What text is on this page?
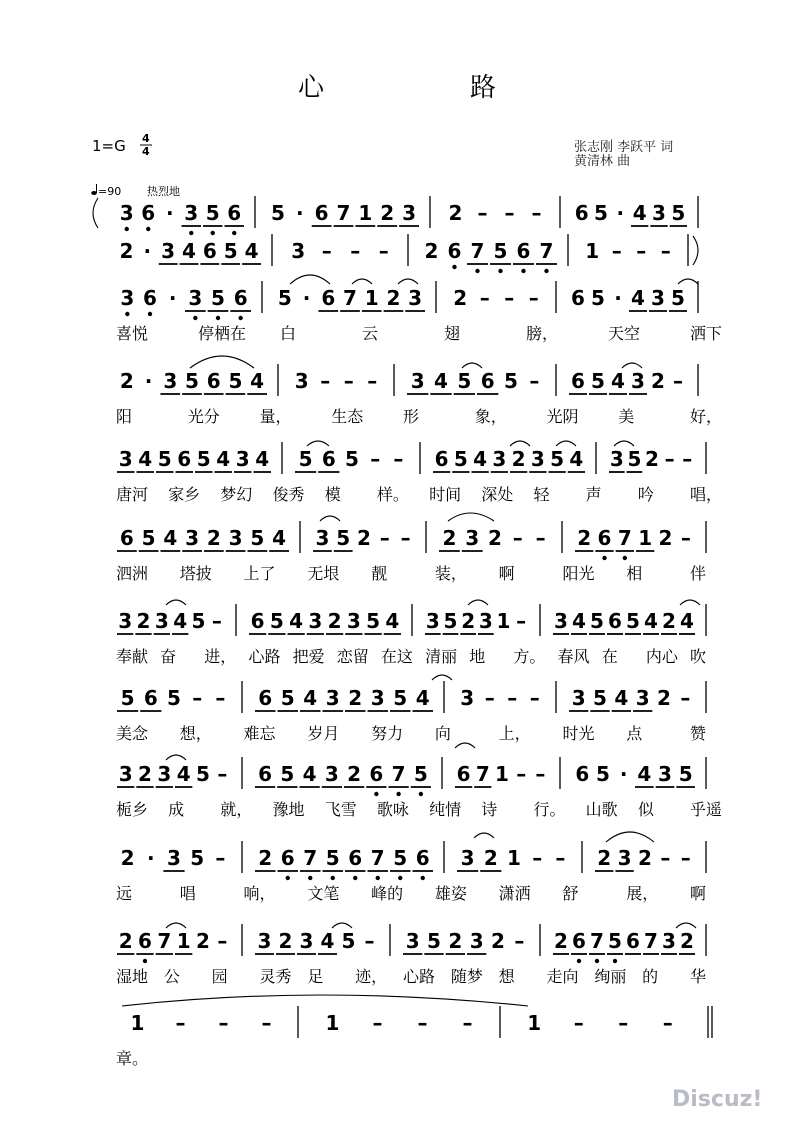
心	路
1=G 4
4	张志刚 李跃平 词
黄清林 曲
=90 热烈地
Discuz!
3 6 · 3 5 6 5 · 6 7 1 2 3 2 – – – 6 5 · 4 3 5
2 · 3 4 6 5 4 3 – – – 2 6 7 5 6 7 1 – – –
3 6 · 3 5 6 5 · 6 7 1 2 3 2 – – – 6 5 · 4 3 5
喜悦	停栖在 白	云	翅	膀，	天空	洒下
2 · 3 5 6 5 4 3 – – – 3 4 5 6 5 – 6 5 4 3 2 –
阳	光分 量， 生态 形	象， 光阴 美	好，
3 4 5 6 5 4 3 4 5 6 5 – – 6 5 4 3 2 3 5 4 3 5 2 – –
唐河 家乡 梦幻 俊秀 模 样。 时间 深处 轻 声 吟 唱，
6 5 4 3 2 3 5 4 3 5 2 – – 2 3 2 – – 2 6 7 1 2 –
泗洲 塔披 上了 无垠 靓	装， 啊	阳光 相	伴
3 2 3 4 5 – 6 5 4 3 2 3 5 4 3 5 2 3 1 – 3 4 5 6 5 4 2 4
奉献 奋 进， 心路 把爱 恋留 在这 清丽 地 方。 春风 在 内心 吹
5 6 5 – – 6 5 4 3 2 3 5 4 3 – – – 3 5 4 3 2 –
美念 想， 难忘 岁月 努力 向	上， 时光 点	赞
3 2 3 4 5 – 6 5 4 3 2 6 7 5 6 7 1 – – 6 5 · 4 3 5
栀乡 成 就， 豫地 飞雪 歌咏 纯情 诗 行。 山歌 似 乎遥
2 · 3 5 – 2 6 7 5 6 7 5 6 3 2 1 – – 2 3 2 – –
远	唱	响， 文笔 峰的 雄姿 潇洒 舒	展， 啊
2 6 7 1 2 – 3 2 3 4 5 – 3 5 2 3 2 – 2 6 7 5 6 7 3 2
湿地 公 园 灵秀 足 迹， 心路 随梦 想 走向 绚丽 的 华
1 – – –	1 – – –	1 – – –
章。
